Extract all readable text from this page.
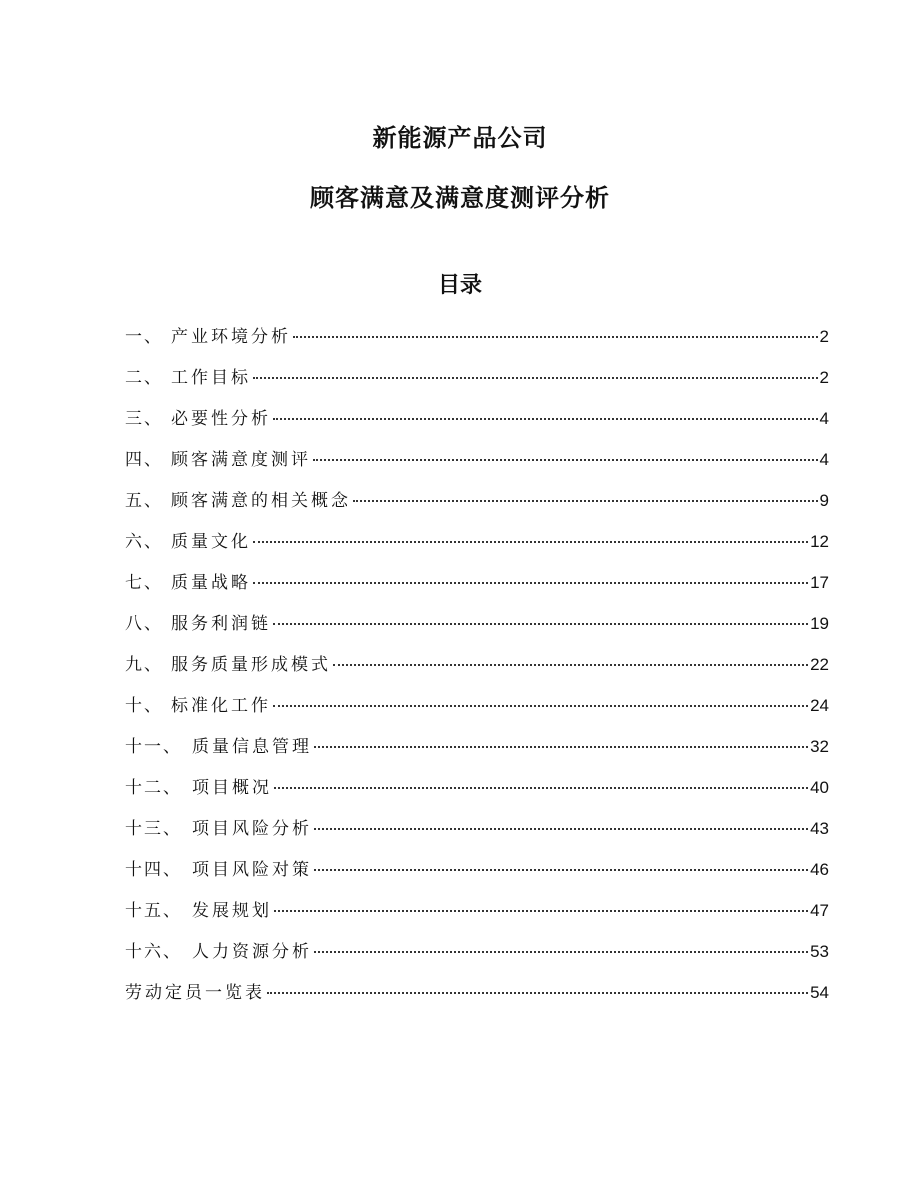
新能源产品公司
顾客满意及满意度测评分析
目录
一、 产业环境分析	2
二、 工作目标	2
三、 必要性分析	4
四、 顾客满意度测评	4
五、 顾客满意的相关概念	9
六、 质量文化	12
七、 质量战略	17
八、 服务利润链	19
九、 服务质量形成模式	22
十、 标准化工作	24
十一、 质量信息管理	32
十二、 项目概况	40
十三、 项目风险分析	43
十四、 项目风险对策	46
十五、 发展规划	47
十六、 人力资源分析	53
劳动定员一览表	54
